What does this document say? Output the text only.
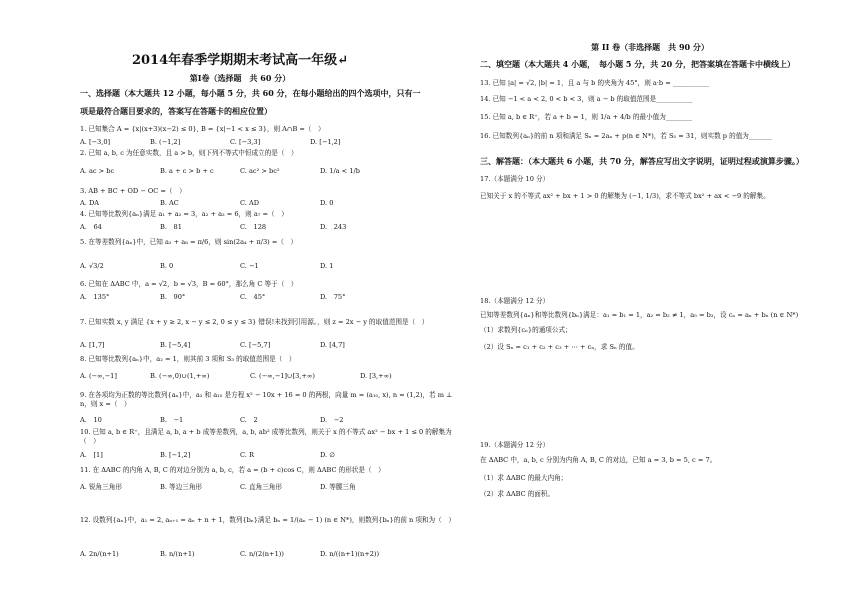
2014年春季学期期末考试高一年级↵
第Ⅰ卷（选择题　共 60 分）
一、选择题（本大题共 12 小题，每小题 5 分，共 60 分，在每小题给出的四个选项中，只有一
项是最符合题目要求的，答案写在答题卡的相应位置）
1. 已知集合 A = {x|(x+3)(x−2) ≤ 0}, B = {x|−1 < x ≤ 3}，则 A∩B =（　）
A. [−3,0]	B. (−1,2]	C. [−3,3]	D. [−1,2]
2. 已知 a, b, c 为任意实数，且 a > b，则下列不等式中恒成立的是（　）
A. ac > bc	B. a + c > b + c	C. ac² > bc²	D. 1/a < 1/b
3. AB + BC + OD − OC =（　）
A. DA	B. AC	C. AD	D. 0
4. 已知等比数列{aₙ}满足 a₁ + a₂ = 3，a₂ + a₃ = 6，则 a₇ =（　）
A.　64	B.　81	C.　128	D.　243
5. 在等差数列{aₙ}中，已知 a₂ + a₈ = π/6，则 sin(2a₄ + π/3) =（　）
A. √3/2	B. 0	C. −1	D. 1
6. 已知在 ΔABC 中，a = √2，b = √3，B = 60°，那么角 C 等于（　）
A.　135°	B.　90°	C.　45°	D.　75°
7. 已知实数 x, y 满足 {x + y ≥ 2, x − y ≤ 2, 0 ≤ y ≤ 3} 错误!未找到引用源。，则 z = 2x − y 的取值范围是（　）
A. [1,7]	B. [−5,4]	C. [−5,7]	D. [4,7]
8. 已知等比数列{aₙ}中，a₂ = 1，则其前 3 项和 S₃ 的取值范围是（　）
A. (−∞,−1]	B. (−∞,0)∪(1,+∞)	C. (−∞,−1]∪[3,+∞)	D. [3,+∞)
9. 在各项均为正数的等比数列{aₙ}中，a₃ 和 a₁₅ 是方程 x² − 10x + 16 = 0 的两根，向量 m = (a₁₀, x), n = (1,2)，若 m ⊥ n，则 x =（　）
A.　10	B.　−1	C.　2	D.　−2
10. 已知 a, b ∈ R⁺，且满足 a, b, a + b 成等差数列，a, b, ab² 成等比数列，则关于 x 的不等式 ax² − bx + 1 ≤ 0 的解集为（　）
A.　[1]	B. [−1,2]	C. R	D. ∅
11. 在 ΔABC 的内角 A, B, C 的对边分别为 a, b, c，若 a = (b + c)cos C，则 ΔABC 的形状是（　）
A. 锐角三角形	B. 等边三角形	C. 直角三角形	D. 等腰三角
12. 设数列{aₙ}中，a₁ = 2, aₙ₊₁ = aₙ + n + 1，数列{bₙ}满足 bₙ = 1/(aₙ − 1) (n ∈ N*)，则数列{bₙ}的前 n 项和为（　）
A. 2n/(n+1)	B. n/(n+1)	C. n/(2(n+1))	D. n/((n+1)(n+2))
第 II 卷（非选择题　共 90 分）
二、填空题（本大题共 4 小题，　每小题 5 分，共 20 分，把答案填在答题卡中横线上）
13. 已知 |a| = √2, |b| = 1，且 a 与 b 的夹角为 45°，则 a·b = ___________
14. 已知 −1 < a < 2, 0 < b < 3，则 a − b 的取值范围是___________
15. 已知 a, b ∈ R⁺，若 a + b = 1，则 1/a + 4/b 的最小值为________
16. 已知数列{aₙ}的前 n 项和满足 Sₙ = 2aₙ + p(n ∈ N*)，若 S₅ = 31，则实数 p 的值为_______
三、解答题：（本大题共 6 小题，共 70 分，解答应写出文字说明，证明过程或演算步骤。）
17.（本题满分 10 分）
已知关于 x 的不等式 ax² + bx + 1 > 0 的解集为 (−1, 1/3)，求不等式 bx² + ax < −9 的解集。
18.（本题满分 12 分）
已知等差数列{aₙ}和等比数列{bₙ}满足：a₁ = b₁ = 1，a₂ = b₂ ≠ 1，a₅ = b₃，设 cₙ = aₙ + bₙ (n ∈ N*)
（1）求数列{cₙ}的通项公式；
（2）设 Sₙ = c₁ + c₂ + c₃ + ⋯ + cₙ，求 Sₙ 的值。
19.（本题满分 12 分）
在 ΔABC 中，a, b, c 分别为内角 A, B, C 的对边，已知 a = 3, b = 5, c = 7。
（1）求 ΔABC 的最大内角；
（2）求 ΔABC 的面积。
